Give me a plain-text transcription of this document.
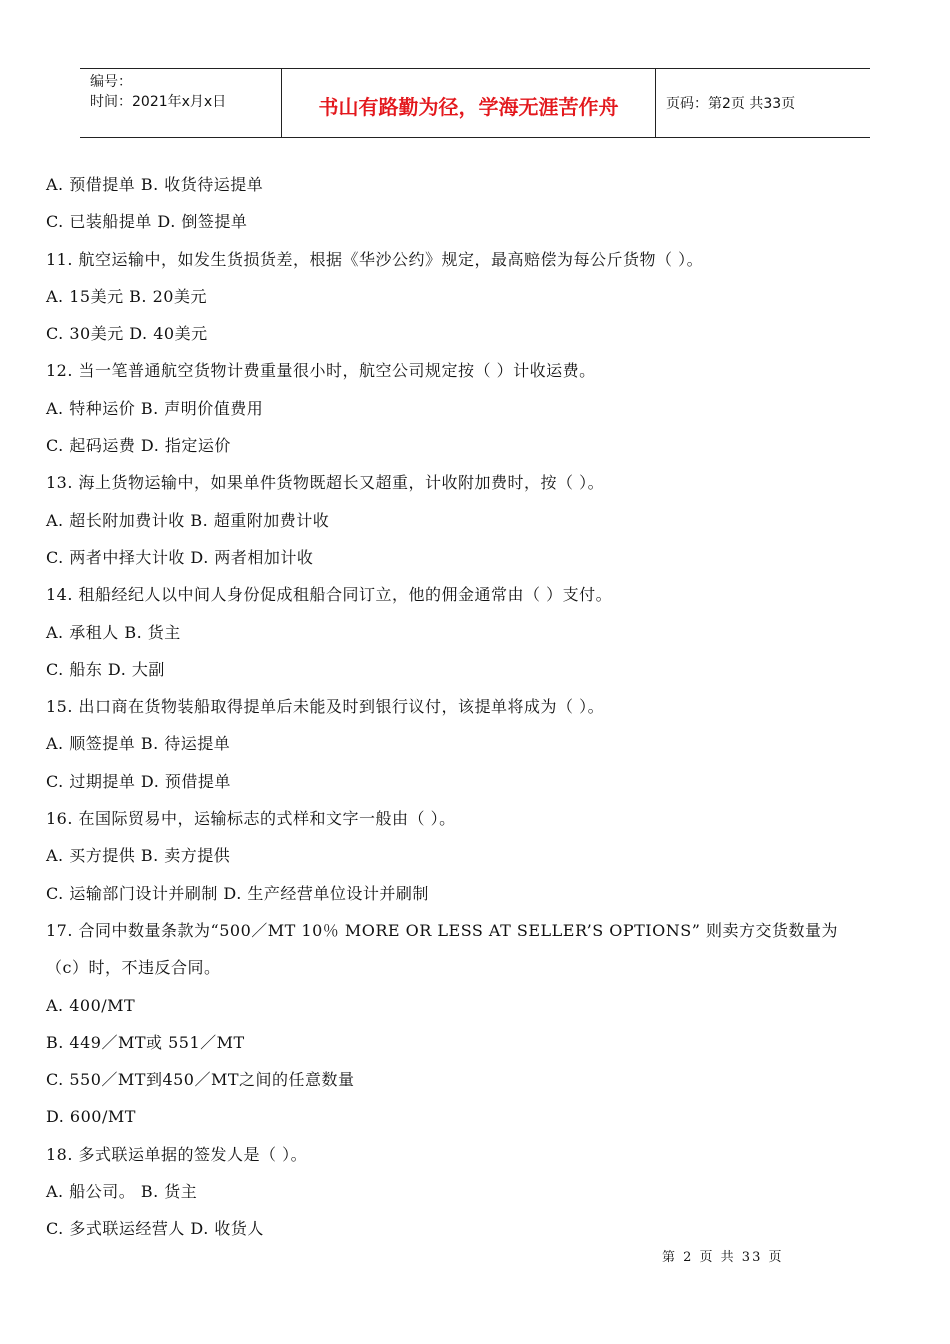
编号：
时间：2021年x月x日	书山有路勤为径，学海无涯苦作舟	页码：第2页 共33页
A. 预借提单 B. 收货待运提单
C. 已装船提单 D. 倒签提单
11. 航空运输中，如发生货损货差，根据《华沙公约》规定，最高赔偿为每公斤货物（ ）。
A. 15美元 B. 20美元
C. 30美元 D. 40美元
12. 当一笔普通航空货物计费重量很小时，航空公司规定按（ ）计收运费。
A. 特种运价 B. 声明价值费用
C. 起码运费 D. 指定运价
13. 海上货物运输中，如果单件货物既超长又超重，计收附加费时，按（ ）。
A. 超长附加费计收 B. 超重附加费计收
C. 两者中择大计收 D. 两者相加计收
14. 租船经纪人以中间人身份促成租船合同订立，他的佣金通常由（ ）支付。
A. 承租人 B. 货主
C. 船东 D. 大副
15. 出口商在货物装船取得提单后未能及时到银行议付，该提单将成为（ ）。
A. 顺签提单 B. 待运提单
C. 过期提单 D. 预借提单
16. 在国际贸易中，运输标志的式样和文字一般由（ ）。
A. 买方提供 B. 卖方提供
C. 运输部门设计并刷制 D. 生产经营单位设计并刷制
17. 合同中数量条款为“500／MT 10％ MORE OR LESS AT SELLER’S OPTIONS” 则卖方交货数量为
（c）时，不违反合同。
A. 400/MT
B. 449／MT或 551／MT
C. 550／MT到450／MT之间的任意数量
D. 600/MT
18. 多式联运单据的签发人是（ ）。
A. 船公司。 B. 货主
C. 多式联运经营人 D. 收货人
第 2 页 共 33 页
